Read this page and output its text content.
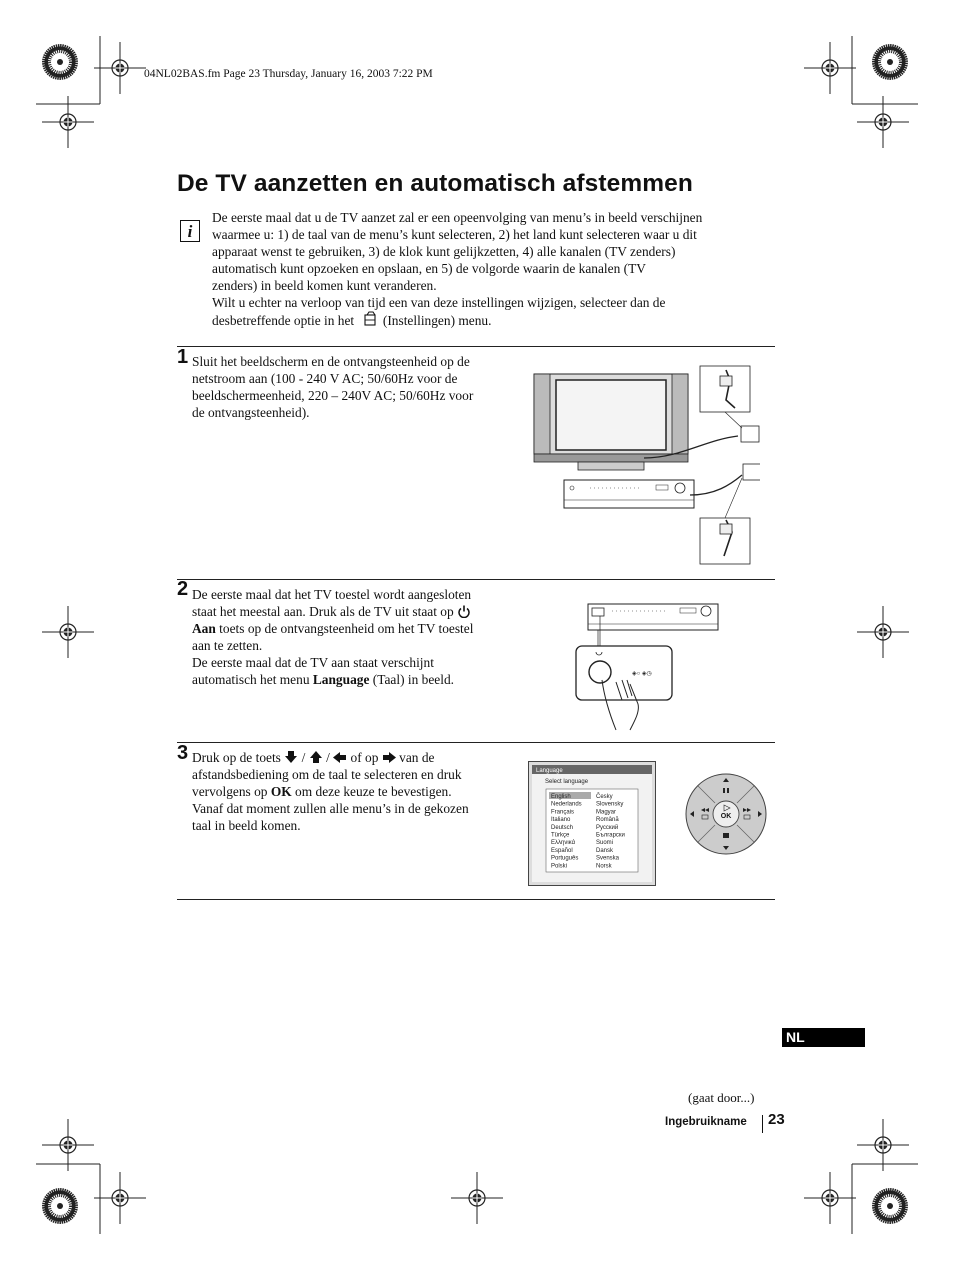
04NL02BAS.fm Page 23 Thursday, January 16, 2003 7:22 PM
De TV aanzetten en automatisch afstemmen
i
De eerste maal dat u de TV aanzet zal er een opeenvolging van menu’s in beeld verschijnen
waarmee u: 1) de taal van de menu’s kunt selecteren, 2) het land kunt selecteren waar u dit
apparaat wenst te gebruiken, 3) de klok kunt gelijkzetten, 4) alle kanalen (TV zenders)
automatisch kunt opzoeken en opslaan, en 5) de volgorde waarin de kanalen (TV
zenders) in beeld komen kunt veranderen.
Wilt u echter na verloop van tijd een van deze instellingen wijzigen, selecteer dan de
desbetreffende optie in het (Instellingen) menu.
1 Sluit het beeldscherm en de ontvangsteenheid op de
netstroom aan (100 - 240 V AC; 50/60Hz voor de
beeldschermeenheid, 220 – 240V AC; 50/60Hz voor
de ontvangsteenheid).
2 De eerste maal dat het TV toestel wordt aangesloten
staat het meestal aan. Druk als de TV uit staat op
Aan toets op de ontvangsteenheid om het TV toestel
aan te zetten.
De eerste maal dat de TV aan staat verschijnt
automatisch het menu Language (Taal) in beeld.	◈○ ◈◷
3 Druk op de toets / / of op van de
afstandsbediening om de taal te selecteren en druk
vervolgens op OK om deze keuze te bevestigen.
Vanaf dat moment zullen alle menu’s in de gekozen
taal in beeld komen.
Language
Select language
English
Nederlands
Français
Italiano
Deutsch
Türkçe
Ελληνικά
Español
Português
Polski
Česky
Slovensky
Magyar
Română
Русский
Български
Suomi
Dansk
Svenska
Norsk
OK
NL
(gaat door...)
Ingebruikname 23
